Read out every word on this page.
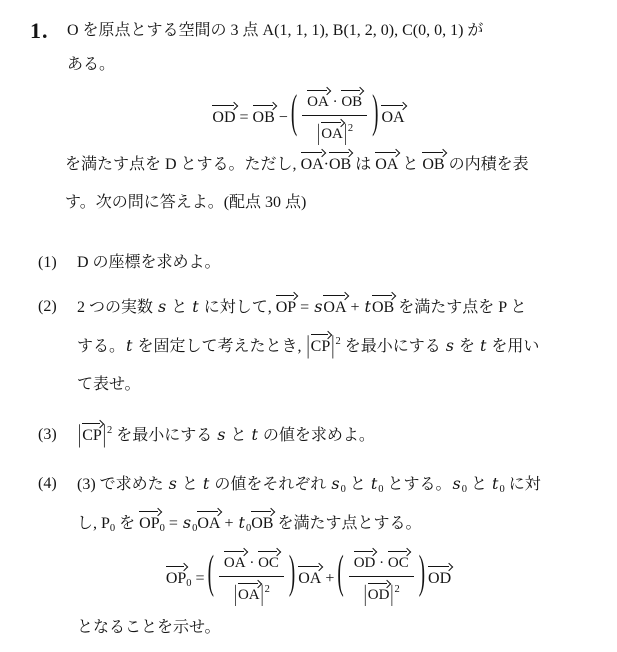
1.	O を原点とする空間の 3 点 A(1, 1, 1), B(1, 2, 0), C(0, 0, 1) が
ある。
OD = OB − ( $\frac{OA \cdot OB}{|OA|^2}$ ) OA
を満たす点を D とする。ただし, OA·OB は OA と OB の内積を表
す。次の問に答えよ。(配点 30 点)
(1)	D の座標を求めよ。
(2)	2 つの実数 s と t に対して, OP = sOA + tOB を満たす点を P と
する。t を固定して考えたとき, $|CP|^2$ を最小にする s を t を用い
て表せ。
(3)	$|CP|^2$ を最小にする s と t の値を求めよ。
(4)	(3) で求めた s と t の値をそれぞれ $s_0$ と $t_0$ とする。$s_0$ と $t_0$ に対
し, $P_0$ を $OP_0 = s_0OA + t_0OB$ を満たす点とする。
$OP_0$ = ( $\frac{OA \cdot OC}{|OA|^2}$ ) OA + ( $\frac{OD \cdot OC}{|OD|^2}$ ) OD
となることを示せ。
